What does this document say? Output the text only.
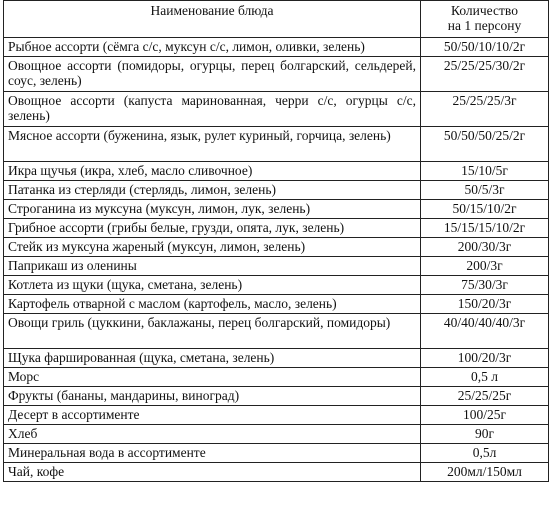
Наименование блюда	Количество
на 1 персону
Рыбное ассорти (сёмга с/с, муксун с/с, лимон, оливки, зелень)	50/50/10/10/2г
Овощное ассорти (помидоры, огурцы, перец болгарский, сельдерей, соус, зелень)	25/25/25/30/2г
Овощное ассорти (капуста маринованная, черри с/с, огурцы с/с, зелень)	25/25/25/3г
Мясное ассорти (буженина, язык, рулет куриный, горчица, зелень)	50/50/50/25/2г
Икра щучья (икра, хлеб, масло сливочное)	15/10/5г
Патанка из стерляди (стерлядь, лимон, зелень)	50/5/3г
Строганина из муксуна (муксун, лимон, лук, зелень)	50/15/10/2г
Грибное ассорти (грибы белые, грузди, опята, лук, зелень)	15/15/15/10/2г
Стейк из муксуна жареный (муксун, лимон, зелень)	200/30/3г
Паприкаш из оленины	200/3г
Котлета из щуки (щука, сметана, зелень)	75/30/3г
Картофель отварной с маслом (картофель, масло, зелень)	150/20/3г
Овощи гриль (цуккини, баклажаны, перец болгарский, помидоры)	40/40/40/40/3г
Щука фаршированная (щука, сметана, зелень)	100/20/3г
Морс	0,5 л
Фрукты (бананы, мандарины, виноград)	25/25/25г
Десерт в ассортименте	100/25г
Хлеб	90г
Минеральная вода в ассортименте	0,5л
Чай, кофе	200мл/150мл
